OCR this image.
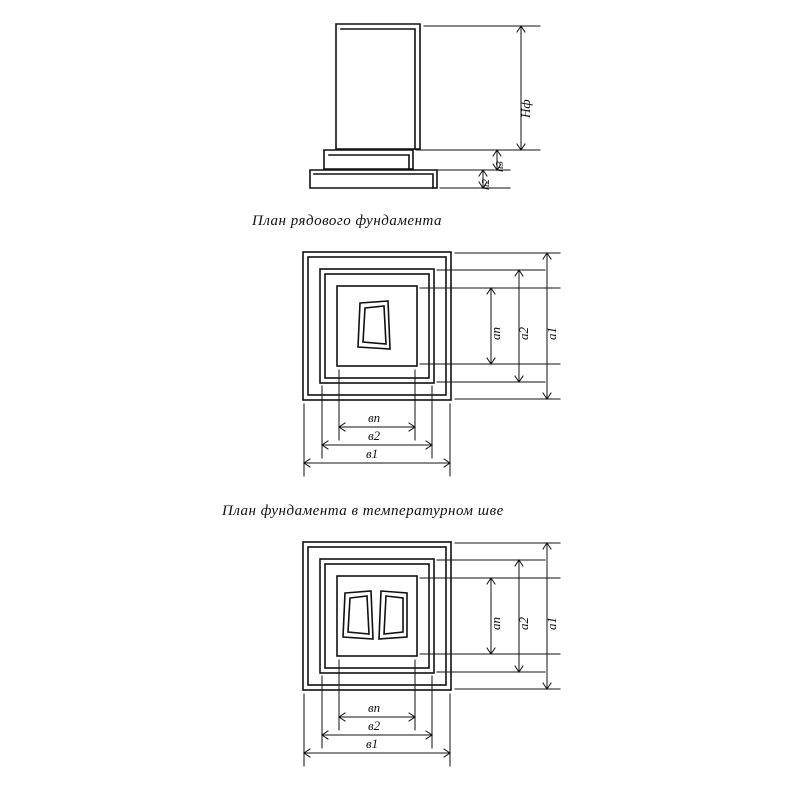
План рядового фундамента
План фундамента в температурном шве
Нф
h3
h2
ап а2 а1
вп
в2
в1
ап а2 а1
вп
в2
в1
